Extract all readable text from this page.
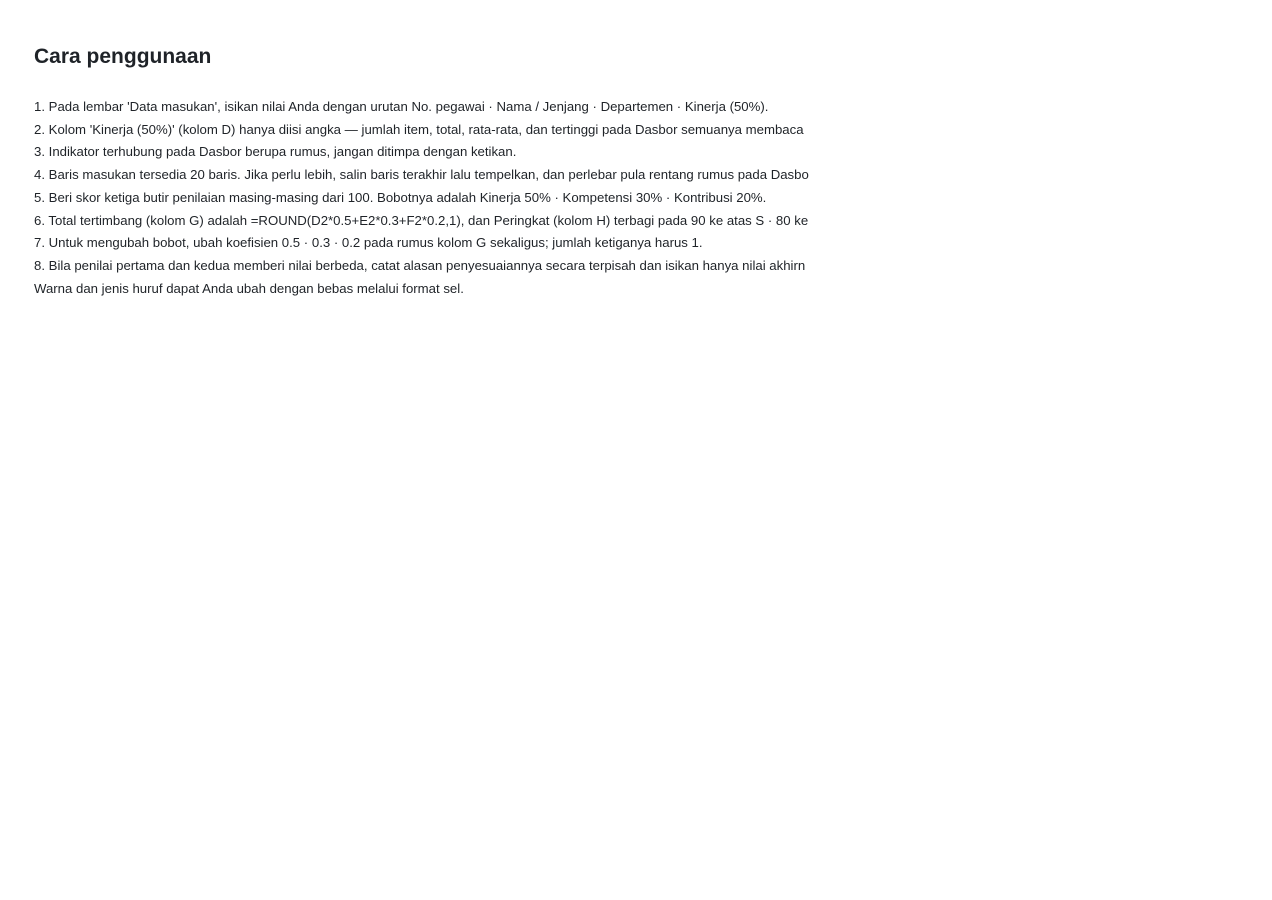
Cara penggunaan
1. Pada lembar 'Data masukan', isikan nilai Anda dengan urutan No. pegawai · Nama / Jenjang · Departemen · Kinerja (50%).
2. Kolom 'Kinerja (50%)' (kolom D) hanya diisi angka — jumlah item, total, rata-rata, dan tertinggi pada Dasbor semuanya membaca
3. Indikator terhubung pada Dasbor berupa rumus, jangan ditimpa dengan ketikan.
4. Baris masukan tersedia 20 baris. Jika perlu lebih, salin baris terakhir lalu tempelkan, dan perlebar pula rentang rumus pada Dasbo
5. Beri skor ketiga butir penilaian masing-masing dari 100. Bobotnya adalah Kinerja 50% · Kompetensi 30% · Kontribusi 20%.
6. Total tertimbang (kolom G) adalah =ROUND(D2*0.5+E2*0.3+F2*0.2,1), dan Peringkat (kolom H) terbagi pada 90 ke atas S · 80 ke
7. Untuk mengubah bobot, ubah koefisien 0.5 · 0.3 · 0.2 pada rumus kolom G sekaligus; jumlah ketiganya harus 1.
8. Bila penilai pertama dan kedua memberi nilai berbeda, catat alasan penyesuaiannya secara terpisah dan isikan hanya nilai akhirn
Warna dan jenis huruf dapat Anda ubah dengan bebas melalui format sel.
